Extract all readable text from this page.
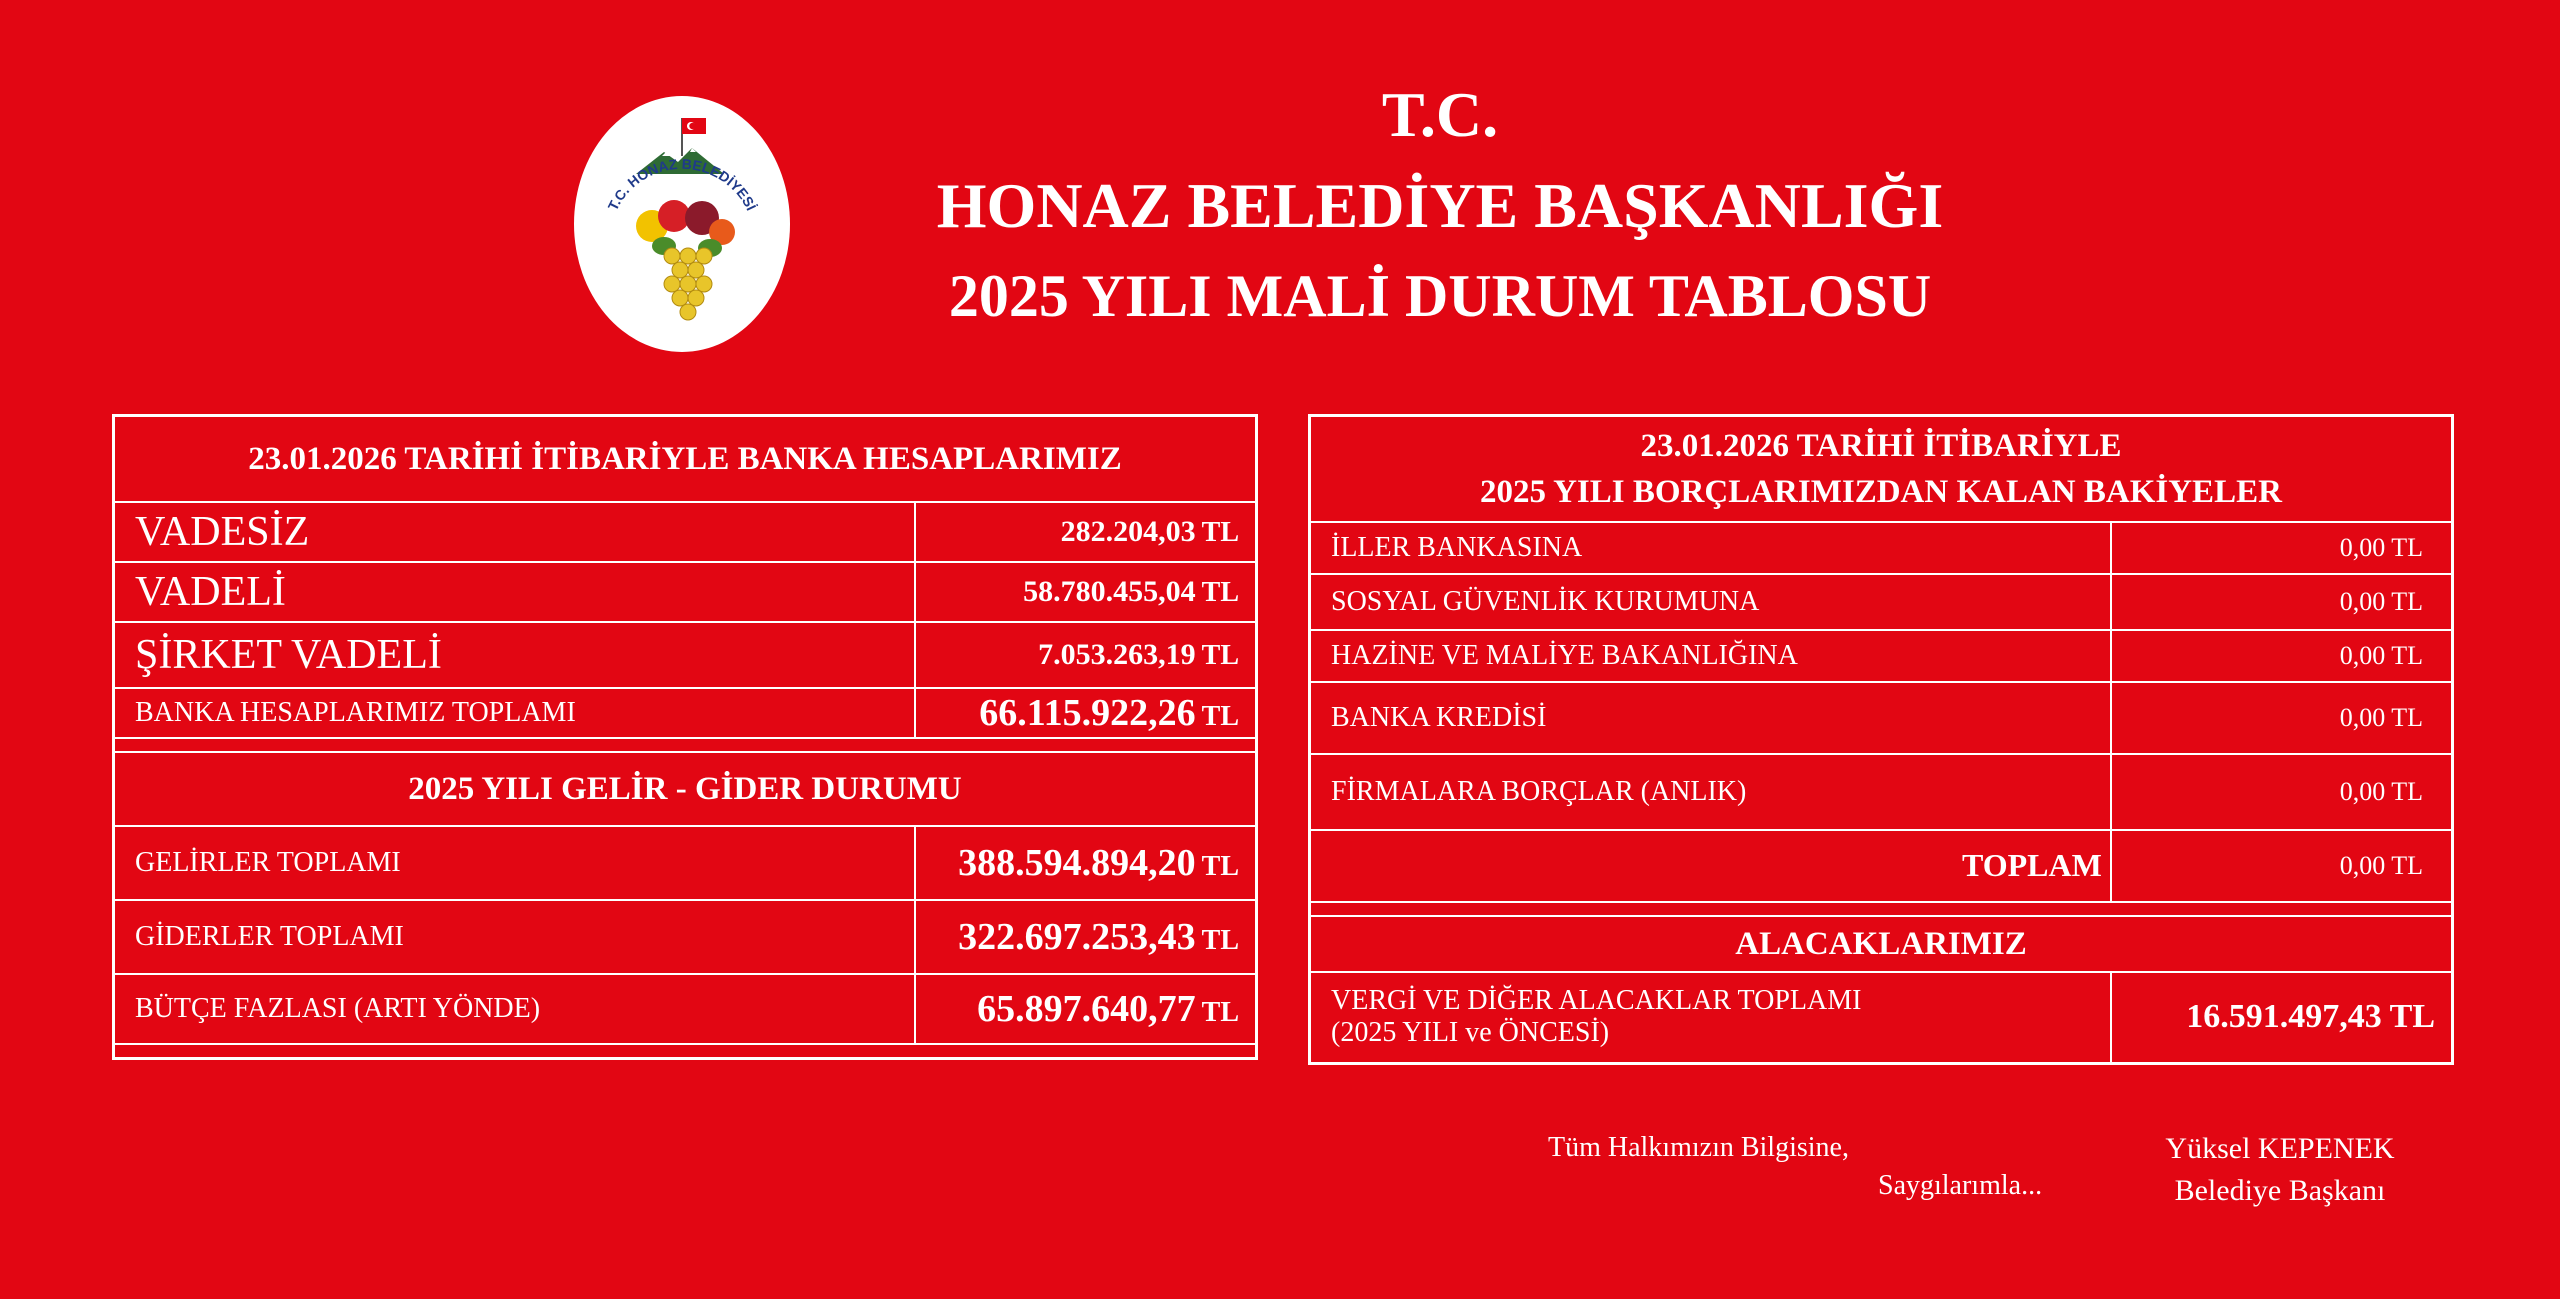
T.C. HONAZ BELEDİYESİ
T.C.
HONAZ BELEDİYE BAŞKANLIĞI
2025 YILI MALİ DURUM TABLOSU
23.01.2026 TARİHİ İTİBARİYLE BANKA HESAPLARIMIZ	
VADESİZ	282.204,03 TL
VADELİ	58.780.455,04 TL
ŞİRKET VADELİ	7.053.263,19 TL
BANKA HESAPLARIMIZ TOPLAMI	66.115.922,26 TL

2025 YILI GELİR - GİDER DURUMU	
GELİRLER TOPLAMI	388.594.894,20 TL
GİDERLER TOPLAMI	322.697.253,43 TL
BÜTÇE FAZLASI (ARTI YÖNDE)	65.897.640,77 TL

23.01.2026 TARİHİ İTİBARİYLE
2025 YILI BORÇLARIMIZDAN KALAN BAKİYELER	

İLLER BANKASINA	0,00 TL
SOSYAL GÜVENLİK KURUMUNA	0,00 TL
HAZİNE VE MALİYE BAKANLIĞINA	0,00 TL
BANKA KREDİSİ	0,00 TL
FİRMALARA BORÇLAR (ANLIK)	0,00 TL
TOPLAM	0,00 TL

ALACAKLARIMIZ	

VERGİ VE DİĞER ALACAKLAR TOPLAMI
(2025 YILI ve ÖNCESİ)	16.591.497,43 TL
Tüm Halkımızın Bilgisine,
Saygılarımla...
Yüksel KEPENEK
Belediye Başkanı
